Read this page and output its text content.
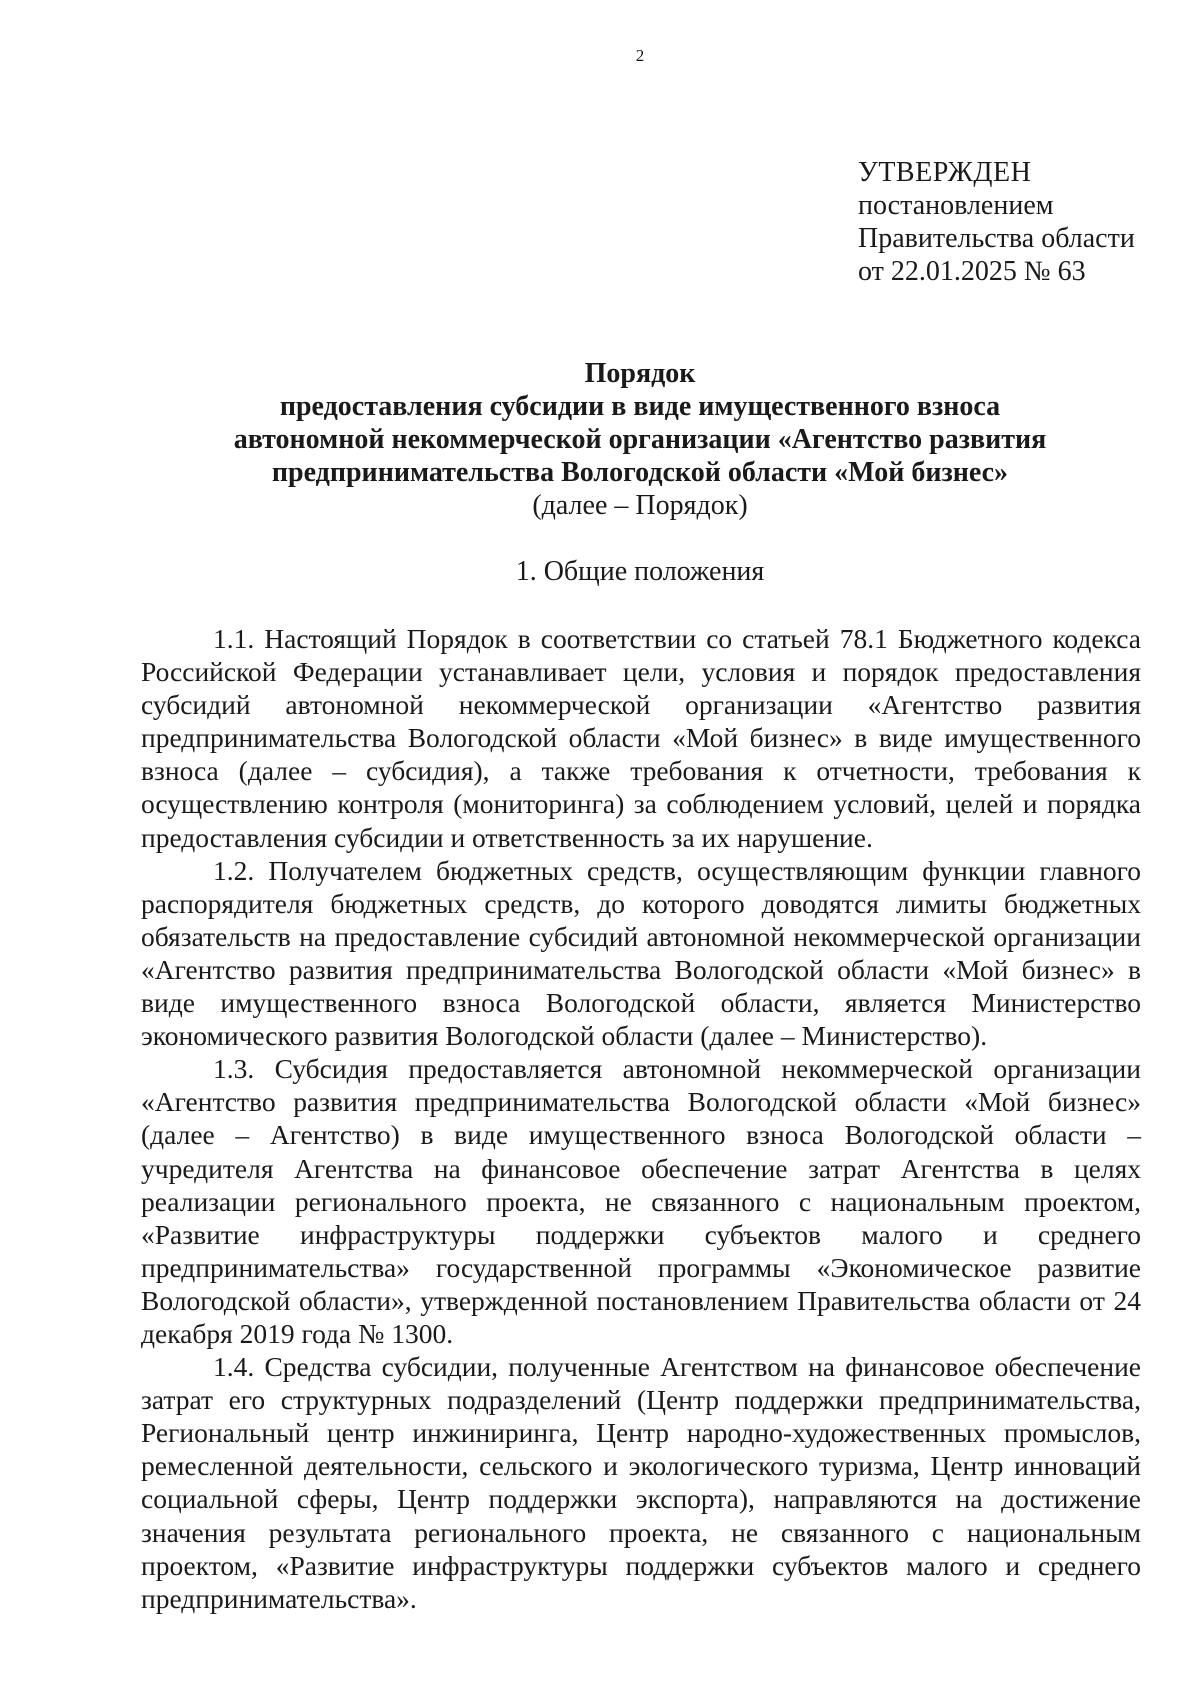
2
УТВЕРЖДЕН
постановлением
Правительства области
от 22.01.2025 № 63
Порядок
предоставления субсидии в виде имущественного взноса
автономной некоммерческой организации «Агентство развития
предпринимательства Вологодской области «Мой бизнес»
(далее – Порядок)
1. Общие положения

1.1. Настоящий Порядок в соответствии со статьей 78.1 Бюджетного кодекса Российской Федерации устанавливает цели, условия и порядок предоставления субсидий автономной некоммерческой организации «Агентство развития предпринимательства Вологодской области «Мой бизнес» в виде имущественного взноса (далее – субсидия), а также требования к отчетности, требования к осуществлению контроля (мониторинга) за соблюдением условий, целей и порядка предоставления субсидии и ответственность за их нарушение.

1.2. Получателем бюджетных средств, осуществляющим функции главного распорядителя бюджетных средств, до которого доводятся лимиты бюджетных обязательств на предоставление субсидий автономной некоммерческой организации «Агентство развития предпринимательства Вологодской области «Мой бизнес» в виде имущественного взноса Вологодской области, является Министерство экономического развития Вологодской области (далее – Министерство).

1.3. Субсидия предоставляется автономной некоммерческой организации «Агентство развития предпринимательства Вологодской области «Мой бизнес» (далее – Агентство) в виде имущественного взноса Вологодской области – учредителя Агентства на финансовое обеспечение затрат Агентства в целях реализации регионального проекта, не связанного с национальным проектом, «Развитие инфраструктуры поддержки субъектов малого и среднего предпринимательства» государственной программы «Экономическое развитие Вологодской области», утвержденной постановлением Правительства области от 24 декабря 2019 года № 1300.

1.4. Средства субсидии, полученные Агентством на финансовое обеспечение затрат его структурных подразделений (Центр поддержки предпринимательства, Региональный центр инжиниринга, Центр народно-художественных промыслов, ремесленной деятельности, сельского и экологического туризма, Центр инноваций социальной сферы, Центр поддержки экспорта), направляются на достижение значения результата регионального проекта, не связанного с национальным проектом, «Развитие инфраструктуры поддержки субъектов малого и среднего предпринимательства».
